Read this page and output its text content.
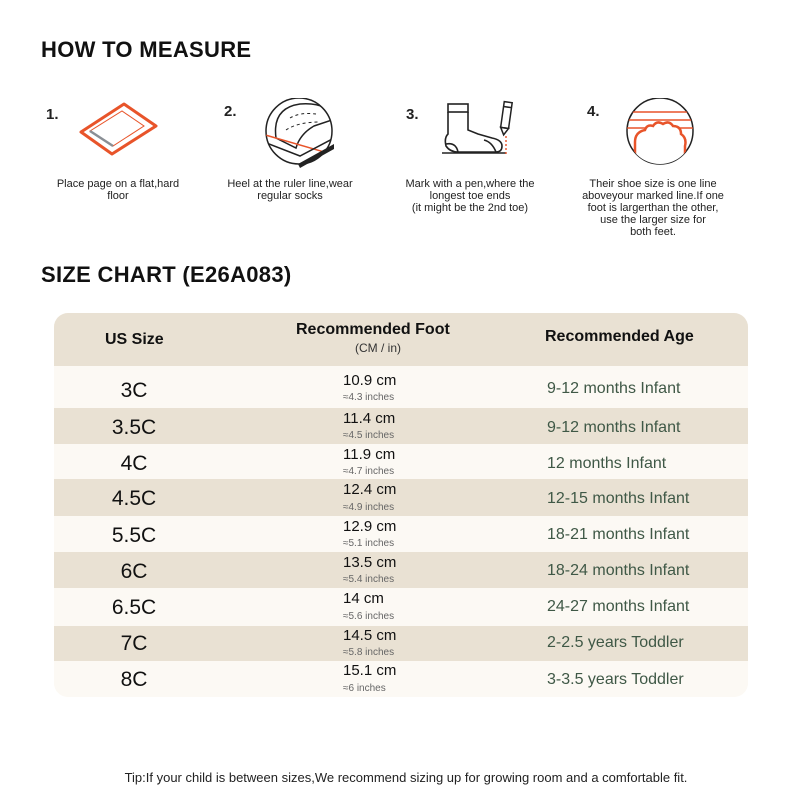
HOW TO MEASURE
1.
Place page on a flat,hard
floor
2.
Heel at the ruler line,wear
regular socks
3.
Mark with a pen,where the
longest toe ends
(it might be the 2nd toe)
4.
Their shoe size is one line
aboveyour marked line.If one
foot is largerthan the other,
use the larger size for
both feet.
SIZE CHART (E26A083)
US Size
Recommended Foot
(CM / in)
Recommended Age
3C	10.9 cm
≈4.3 inches
9-12 months Infant
3.5C	11.4 cm
≈4.5 inches	9-12 months Infant
4C	11.9 cm
≈4.7 inches	12 months Infant
4.5C	12.4 cm
≈4.9 inches
12-15 months Infant
5.5C	12.9 cm
≈5.1 inches
18-21 months Infant
6C	13.5 cm
≈5.4 inches
18-24 months Infant
6.5C	14 cm
≈5.6 inches
24-27 months Infant
7C	14.5 cm
≈5.8 inches
2-2.5 years Toddler
8C	15.1 cm
≈6 inches
3-3.5 years Toddler
Tip:If your child is between sizes,We recommend sizing up for growing room and a comfortable fit.
